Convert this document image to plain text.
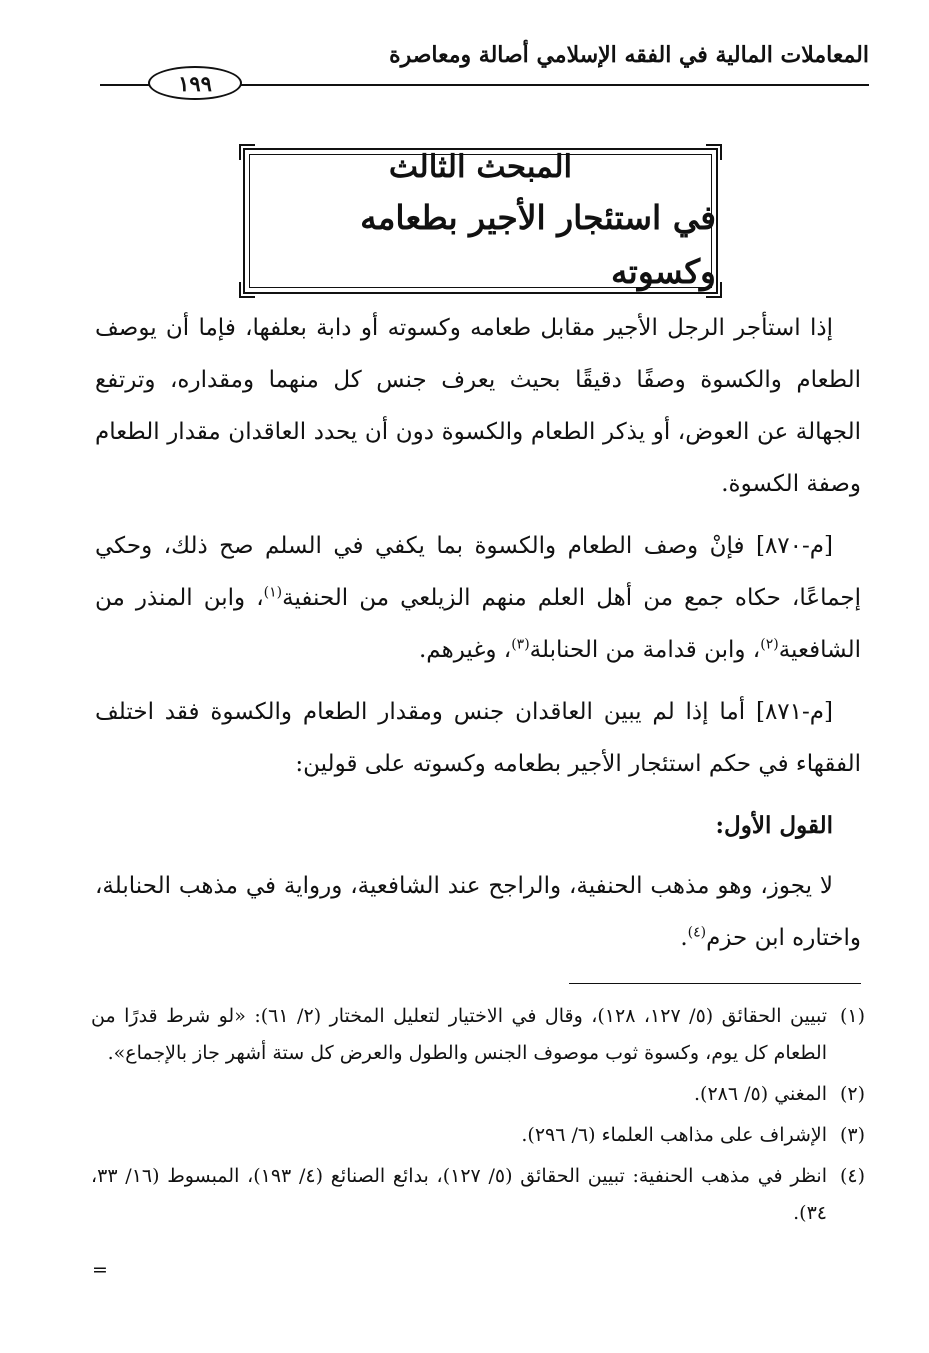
المعاملات المالية في الفقه الإسلامي أصالة ومعاصرة
١٩٩
المبحث الثالث
في استئجار الأجير بطعامه وكسوته

إذا استأجر الرجل الأجير مقابل طعامه وكسوته أو دابة بعلفها، فإما أن يوصف الطعام والكسوة وصفًا دقيقًا بحيث يعرف جنس كل منهما ومقداره، وترتفع الجهالة عن العوض، أو يذكر الطعام والكسوة دون أن يحدد العاقدان مقدار الطعام وصفة الكسوة.

[م-٨٧٠] فإنْ وصف الطعام والكسوة بما يكفي في السلم صح ذلك، وحكي إجماعًا، حكاه جمع من أهل العلم منهم الزيلعي من الحنفية$^{(١)}$، وابن المنذر من الشافعية$^{(٢)}$، وابن قدامة من الحنابلة$^{(٣)}$، وغيرهم.

[م-٨٧١] أما إذا لم يبين العاقدان جنس ومقدار الطعام والكسوة فقد اختلف الفقهاء في حكم استئجار الأجير بطعامه وكسوته على قولين:

القول الأول:

لا يجوز، وهو مذهب الحنفية، والراجح عند الشافعية، ورواية في مذهب الحنابلة، واختاره ابن حزم$^{(٤)}$.

(١)
تبيين الحقائق (٥/ ١٢٧، ١٢٨)، وقال في الاختيار لتعليل المختار (٢/ ٦١): «لو شرط قدرًا من الطعام كل يوم، وكسوة ثوب موصوف الجنس والطول والعرض كل ستة أشهر جاز بالإجماع».
(٢)
المغني (٥/ ٢٨٦).
(٣)
الإشراف على مذاهب العلماء (٦/ ٢٩٦).
(٤)
انظر في مذهب الحنفية: تبيين الحقائق (٥/ ١٢٧)، بدائع الصنائع (٤/ ١٩٣)، المبسوط (١٦/ ٣٣، ٣٤).
=
